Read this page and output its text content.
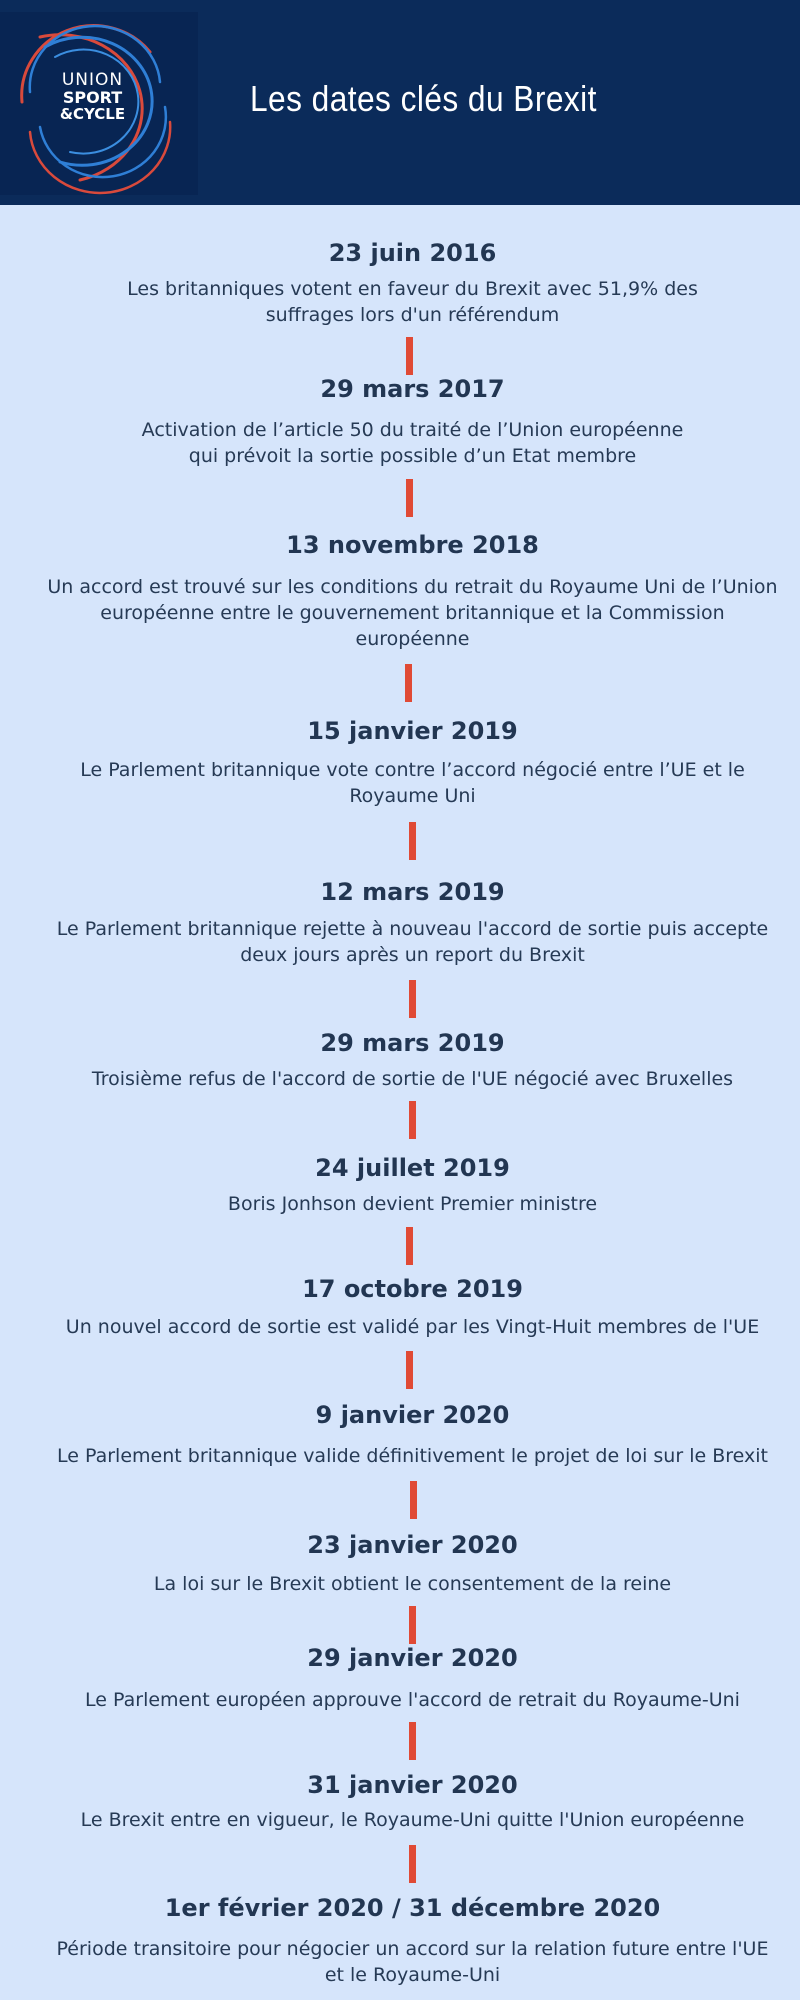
UNION
SPORT
&CYCLE	Les dates clés du Brexit
23 juin 2016
Les britanniques votent en faveur du Brexit avec 51,9% des
suffrages lors d'un référendum
29 mars 2017
Activation de l’article 50 du traité de l’Union européenne
qui prévoit la sortie possible d’un Etat membre
13 novembre 2018
Un accord est trouvé sur les conditions du retrait du Royaume Uni de l’Union
européenne entre le gouvernement britannique et la Commission
européenne
15 janvier 2019
Le Parlement britannique vote contre l’accord négocié entre l’UE et le
Royaume Uni
12 mars 2019
Le Parlement britannique rejette à nouveau l'accord de sortie puis accepte
deux jours après un report du Brexit
29 mars 2019
Troisième refus de l'accord de sortie de l'UE négocié avec Bruxelles
24 juillet 2019
Boris Jonhson devient Premier ministre
17 octobre 2019
Un nouvel accord de sortie est validé par les Vingt-Huit membres de l'UE
9 janvier 2020
Le Parlement britannique valide définitivement le projet de loi sur le Brexit
23 janvier 2020
La loi sur le Brexit obtient le consentement de la reine
29 janvier 2020
Le Parlement européen approuve l'accord de retrait du Royaume-Uni
31 janvier 2020
Le Brexit entre en vigueur, le Royaume-Uni quitte l'Union européenne
1er février 2020 / 31 décembre 2020
Période transitoire pour négocier un accord sur la relation future entre l'UE
et le Royaume-Uni
